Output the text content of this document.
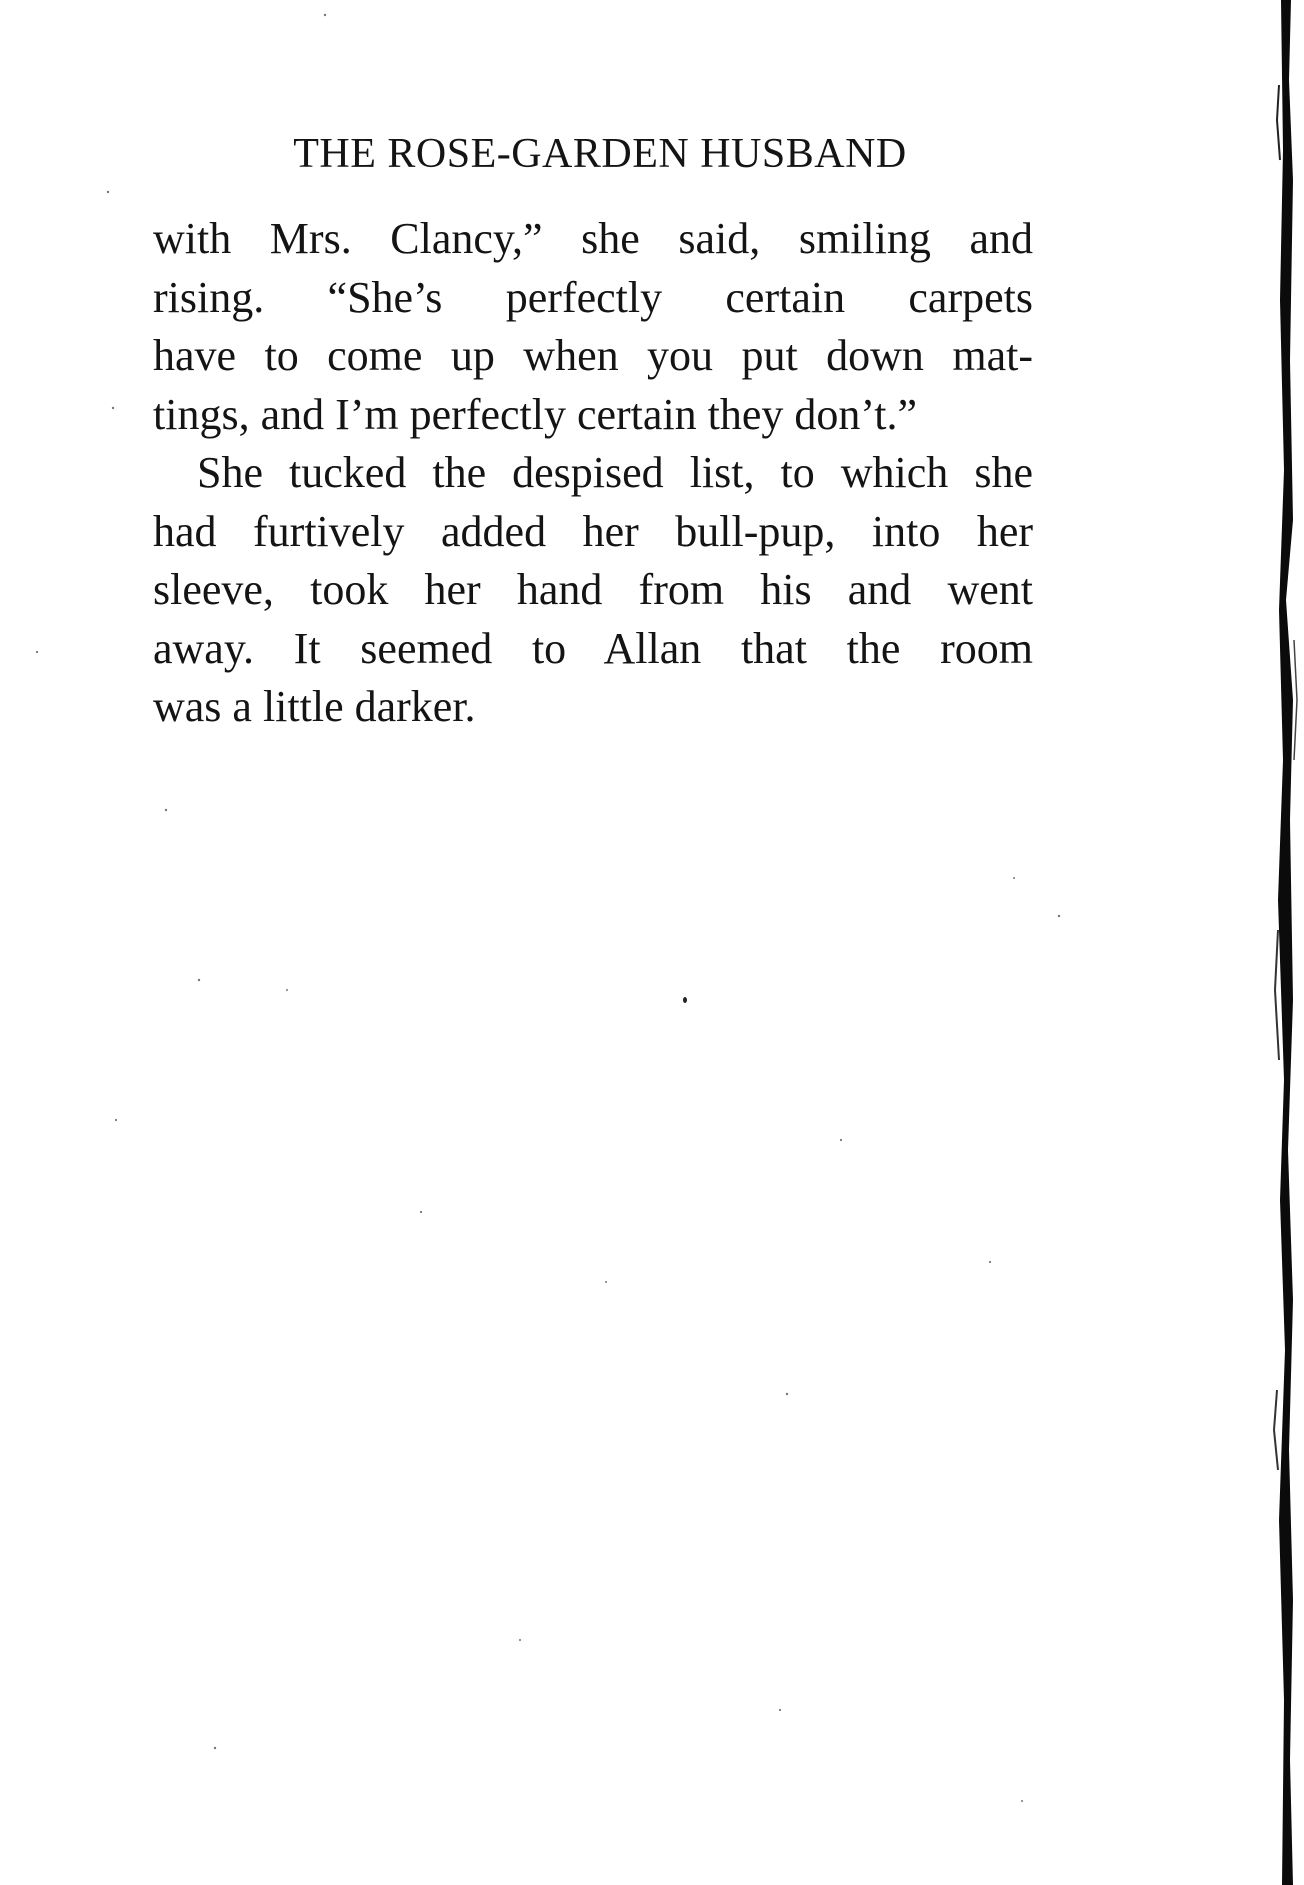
THE ROSE-GARDEN HUSBAND
with Mrs. Clancy,” she said, smiling and
rising. “She’s perfectly certain carpets
have to come up when you put down mat-
tings, and I’m perfectly certain they don’t.”
She tucked the despised list, to which she
had furtively added her bull-pup, into her
sleeve, took her hand from his and went
away. It seemed to Allan that the room
was a little darker.
